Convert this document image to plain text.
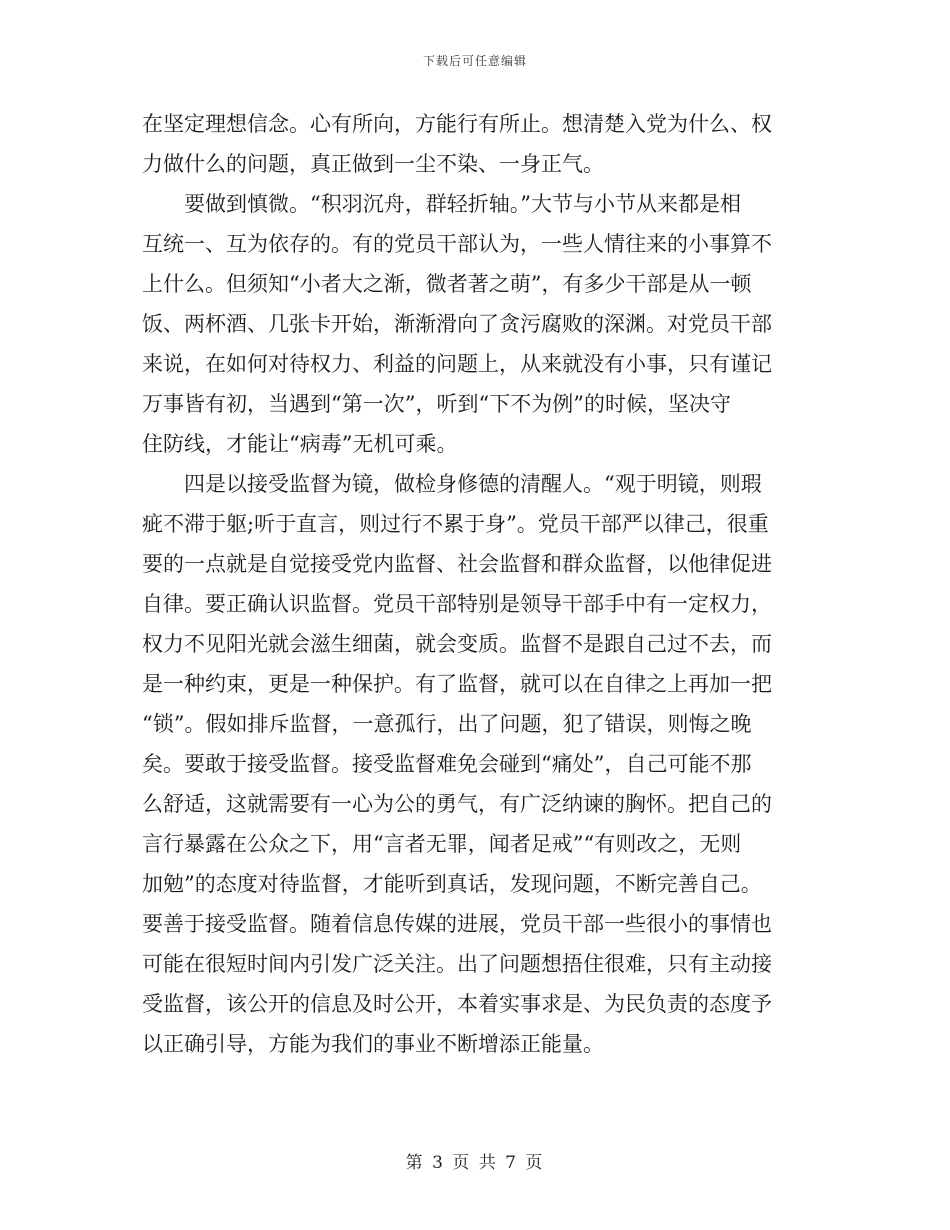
下载后可任意编辑
在坚定理想信念。心有所向，方能行有所止。想清楚入党为什么、权
力做什么的问题，真正做到一尘不染、一身正气。
要做到慎微。“积羽沉舟，群轻折轴。”大节与小节从来都是相
互统一、互为依存的。有的党员干部认为，一些人情往来的小事算不
上什么。但须知“小者大之渐，微者著之萌”，有多少干部是从一顿
饭、两杯酒、几张卡开始，渐渐滑向了贪污腐败的深渊。对党员干部
来说，在如何对待权力、利益的问题上，从来就没有小事，只有谨记
万事皆有初，当遇到“第一次”，听到“下不为例”的时候，坚决守
住防线，才能让“病毒”无机可乘。
四是以接受监督为镜，做检身修德的清醒人。“观于明镜，则瑕
疵不滞于躯;听于直言，则过行不累于身”。党员干部严以律己，很重
要的一点就是自觉接受党内监督、社会监督和群众监督，以他律促进
自律。要正确认识监督。党员干部特别是领导干部手中有一定权力，
权力不见阳光就会滋生细菌，就会变质。监督不是跟自己过不去，而
是一种约束，更是一种保护。有了监督，就可以在自律之上再加一把
“锁”。假如排斥监督，一意孤行，出了问题，犯了错误，则悔之晚
矣。要敢于接受监督。接受监督难免会碰到“痛处”，自己可能不那
么舒适，这就需要有一心为公的勇气，有广泛纳谏的胸怀。把自己的
言行暴露在公众之下，用“言者无罪，闻者足戒”“有则改之，无则
加勉”的态度对待监督，才能听到真话，发现问题，不断完善自己。
要善于接受监督。随着信息传媒的进展，党员干部一些很小的事情也
可能在很短时间内引发广泛关注。出了问题想捂住很难，只有主动接
受监督，该公开的信息及时公开，本着实事求是、为民负责的态度予
以正确引导，方能为我们的事业不断增添正能量。
第 3 页 共 7 页
